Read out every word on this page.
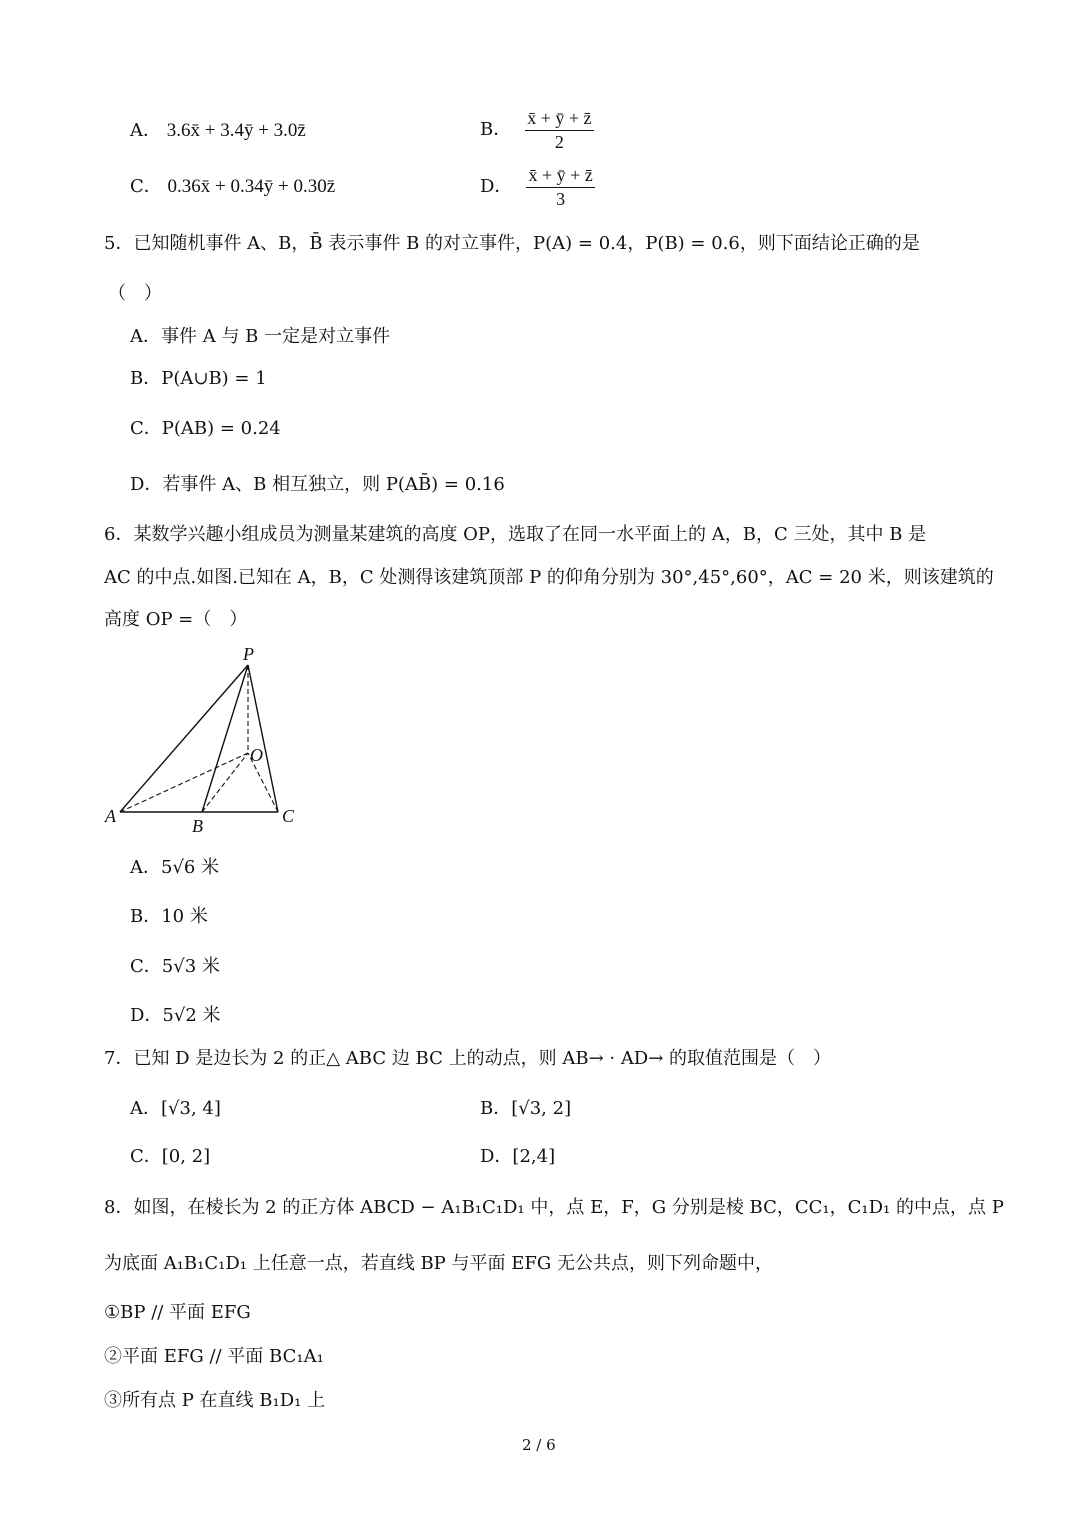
A． 3.6x̄ + 3.4ȳ + 3.0z̄	B． $\frac{x̄ + ȳ + z̄}{2}$
C． 0.36x̄ + 0.34ȳ + 0.30z̄	D． $\frac{x̄ + ȳ + z̄}{3}$
5．已知随机事件 A、B，B̄ 表示事件 B 的对立事件，P(A) = 0.4，P(B) = 0.6，则下面结论正确的是
（　）
A．事件 A 与 B 一定是对立事件
B．P(A∪B) = 1
C．P(AB) = 0.24
D．若事件 A、B 相互独立，则 P(AB̄) = 0.16
6．某数学兴趣小组成员为测量某建筑的高度 OP，选取了在同一水平面上的 A，B，C 三处，其中 B 是
AC 的中点.如图.已知在 A，B，C 处测得该建筑顶部 P 的仰角分别为 30°,45°,60°，AC = 20 米，则该建筑的
高度 OP =（　）
P
O
A	B	C
A．5√6 米
B．10 米
C．5√3 米
D．5√2 米
7．已知 D 是边长为 2 的正△ ABC 边 BC 上的动点，则 AB→ · AD→ 的取值范围是（　）
A．[√3, 4]	B．[√3, 2]
C．[0, 2]	D．[2,4]
8．如图，在棱长为 2 的正方体 ABCD − A₁B₁C₁D₁ 中，点 E，F，G 分别是棱 BC，CC₁，C₁D₁ 的中点，点 P
为底面 A₁B₁C₁D₁ 上任意一点，若直线 BP 与平面 EFG 无公共点，则下列命题中，
①BP // 平面 EFG
②平面 EFG // 平面 BC₁A₁
③所有点 P 在直线 B₁D₁ 上
2 / 6
